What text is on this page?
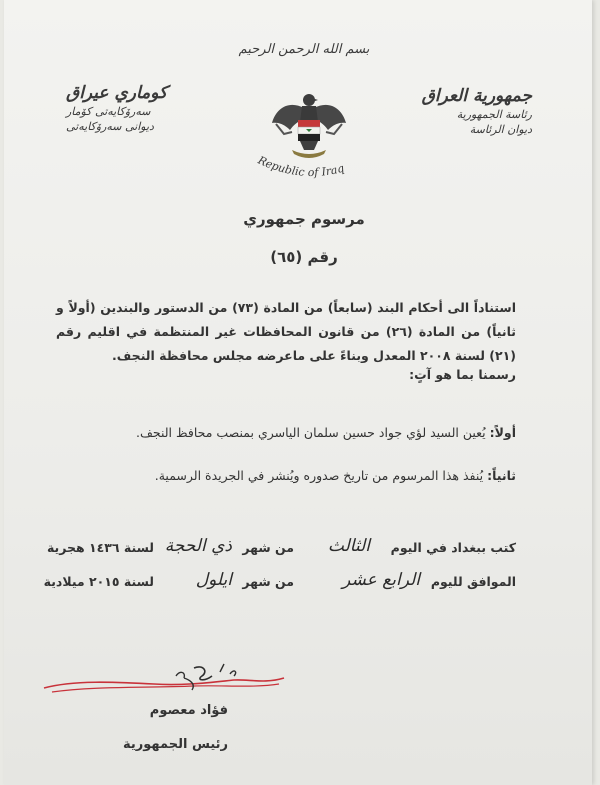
بسم الله الرحمن الرحيم
جمهورية العراق
رئاسة الجمهورية
ديوان الرئاسة
كوماري عيراق
سەرۆکایەتی کۆمار
دیوانی سەرۆکایەتی
Republic of Iraq
مرسوم جمهوري
رقم (٦٥)
استناداً الى أحكام البند (سابعاً) من المادة (٧٣) من الدستور والبندين (أولاً و ثانياً) من المادة (٢٦) من قانون المحافظات غير المنتظمة في اقليم رقم (٢١) لسنة ٢٠٠٨ المعدل وبناءً على ماعرضه مجلس محافظة النجف.
رسمنا بما هو آتٍ:
أولاً: يُعين السيد لؤي جواد حسين سلمان الياسري بمنصب محافظ النجف.
ثانياً: يُنفذ هذا المرسوم من تاريخ صدوره ويُنشر في الجريدة الرسمية.
كتب ببغداد في اليوم
الثالث
من شهر
ذي الحجة
لسنة ١٤٣٦ هجرية
الموافق لليوم
الرابع عشر
من شهر
ايلول
لسنة ٢٠١٥ ميلادية
فؤاد معصوم
رئيس الجمهورية
